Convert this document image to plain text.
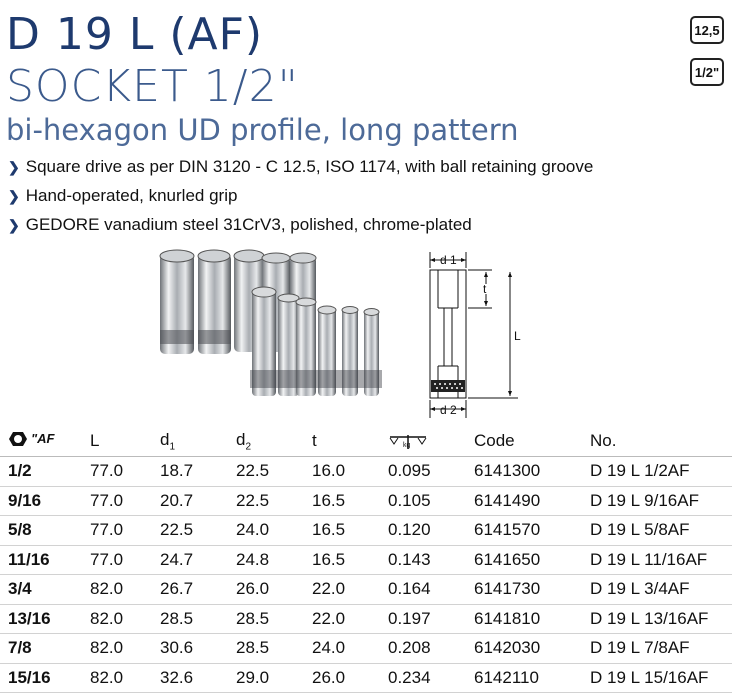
D 19 L (AF)
SOCKET 1/2"
bi-hexagon UD profile, long pattern
12,5
1/2"
❯ Square drive as per DIN 3120 - C 12.5, ISO 1174, with ball retaining groove
❯ Hand-operated, knurled grip
❯ GEDORE vanadium steel 31CrV3, polished, chrome-plated
d 1
d 2
t
L
"AF	L	$d_1$	$d_2$	t	kg	Code	No.
1/2	77.0	18.7	22.5	16.0	0.095	6141300	D 19 L 1/2AF
9/16	77.0	20.7	22.5	16.5	0.105	6141490	D 19 L 9/16AF
5/8	77.0	22.5	24.0	16.5	0.120	6141570	D 19 L 5/8AF
11/16	77.0	24.7	24.8	16.5	0.143	6141650	D 19 L 11/16AF
3/4	82.0	26.7	26.0	22.0	0.164	6141730	D 19 L 3/4AF
13/16	82.0	28.5	28.5	22.0	0.197	6141810	D 19 L 13/16AF
7/8	82.0	30.6	28.5	24.0	0.208	6142030	D 19 L 7/8AF
15/16	82.0	32.6	29.0	26.0	0.234	6142110	D 19 L 15/16AF
